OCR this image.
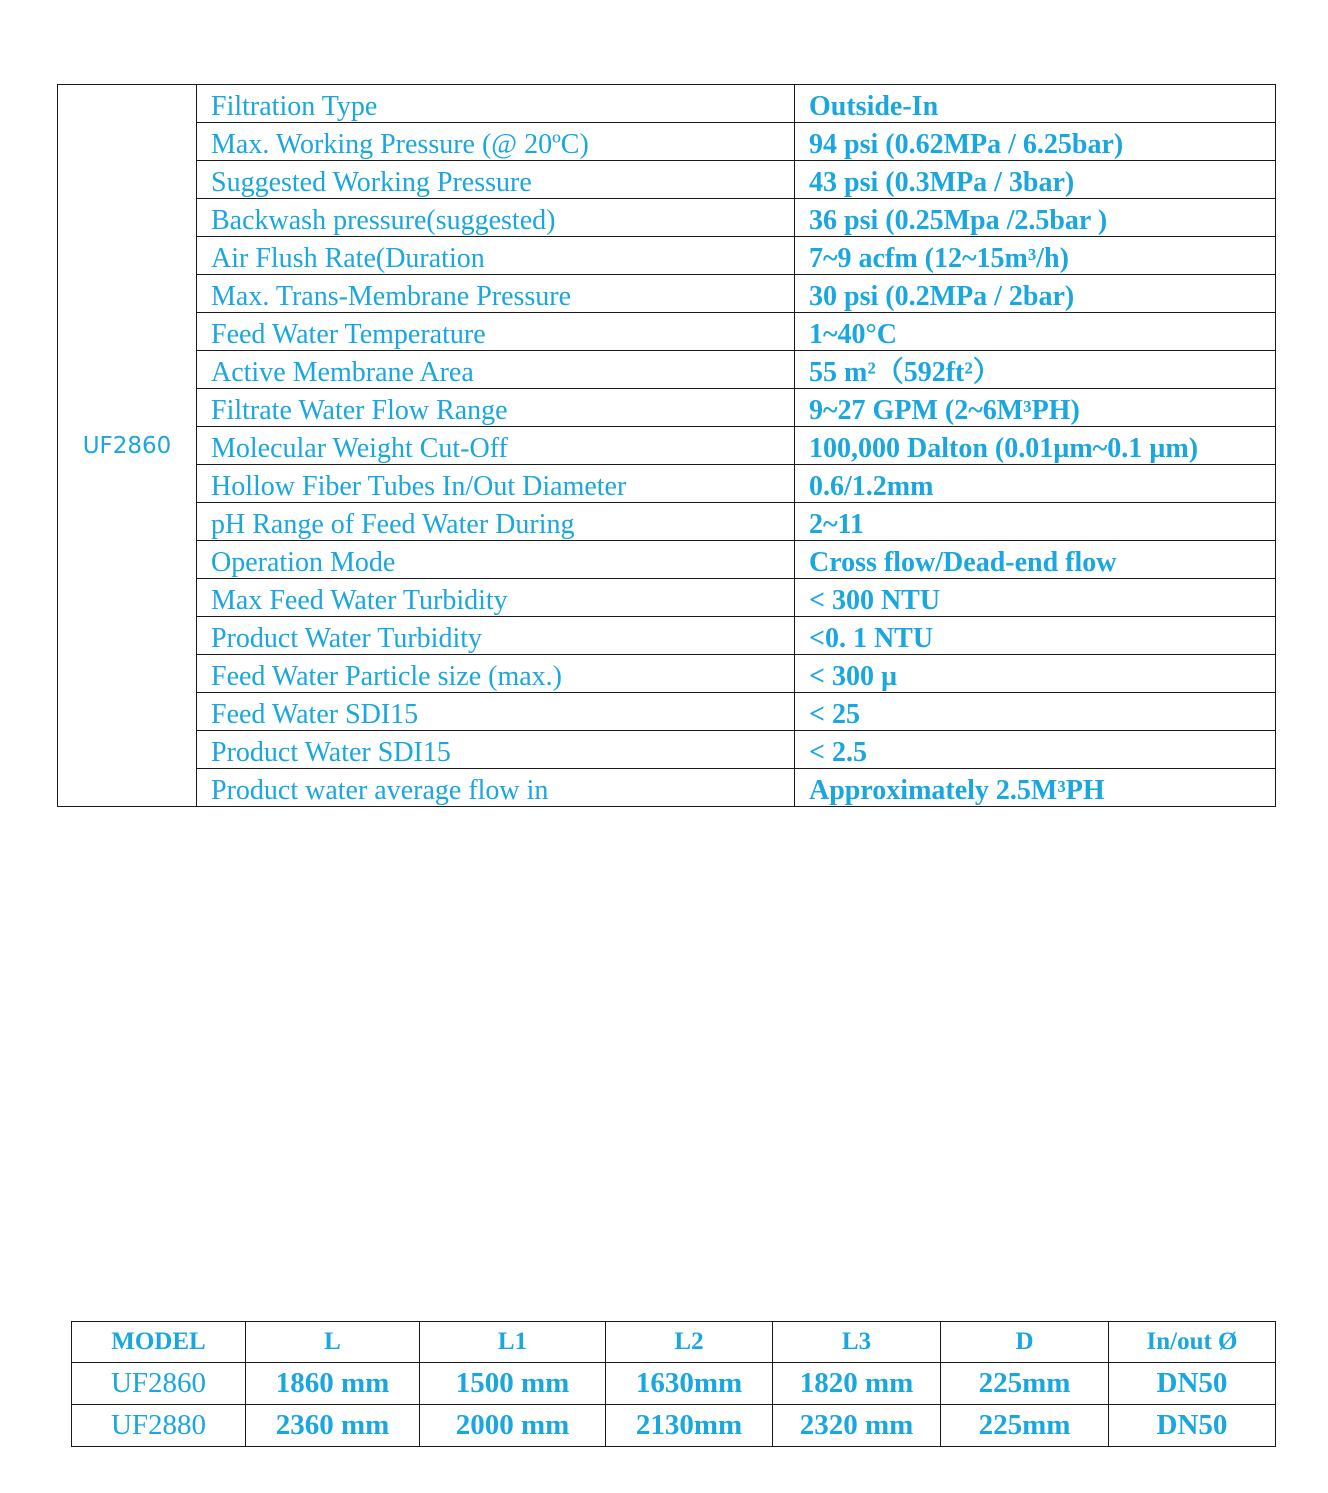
UF2860	Filtration Type	Outside-In
	Max. Working Pressure (@ 20ºC)	94 psi (0.62MPa / 6.25bar)
	Suggested Working Pressure	43 psi (0.3MPa / 3bar)
	Backwash pressure(suggested)	36 psi (0.25Mpa /2.5bar )
	Air Flush Rate(Duration	7~9 acfm (12~15m³/h)
	Max. Trans-Membrane Pressure	30 psi (0.2MPa / 2bar)
	Feed Water Temperature	1~40°C
	Active Membrane Area	55 m²（592ft²）
	Filtrate Water Flow Range	9~27 GPM (2~6M³PH)
	Molecular Weight Cut-Off	100,000 Dalton (0.01µm~0.1 µm)
	Hollow Fiber Tubes In/Out Diameter	0.6/1.2mm
	pH Range of Feed Water During	2~11
	Operation Mode	Cross flow/Dead-end flow
	Max Feed Water Turbidity	< 300 NTU
	Product Water Turbidity	<0. 1 NTU
	Feed Water Particle size (max.)	< 300 µ
	Feed Water SDI15	< 25
	Product Water SDI15	< 2.5
	Product water average flow in	Approximately 2.5M³PH
MODEL	L	L1	L2	L3	D	In/out Ø
UF2860	1860 mm	1500 mm	1630mm	1820 mm	225mm	DN50
UF2880	2360 mm	2000 mm	2130mm	2320 mm	225mm	DN50
